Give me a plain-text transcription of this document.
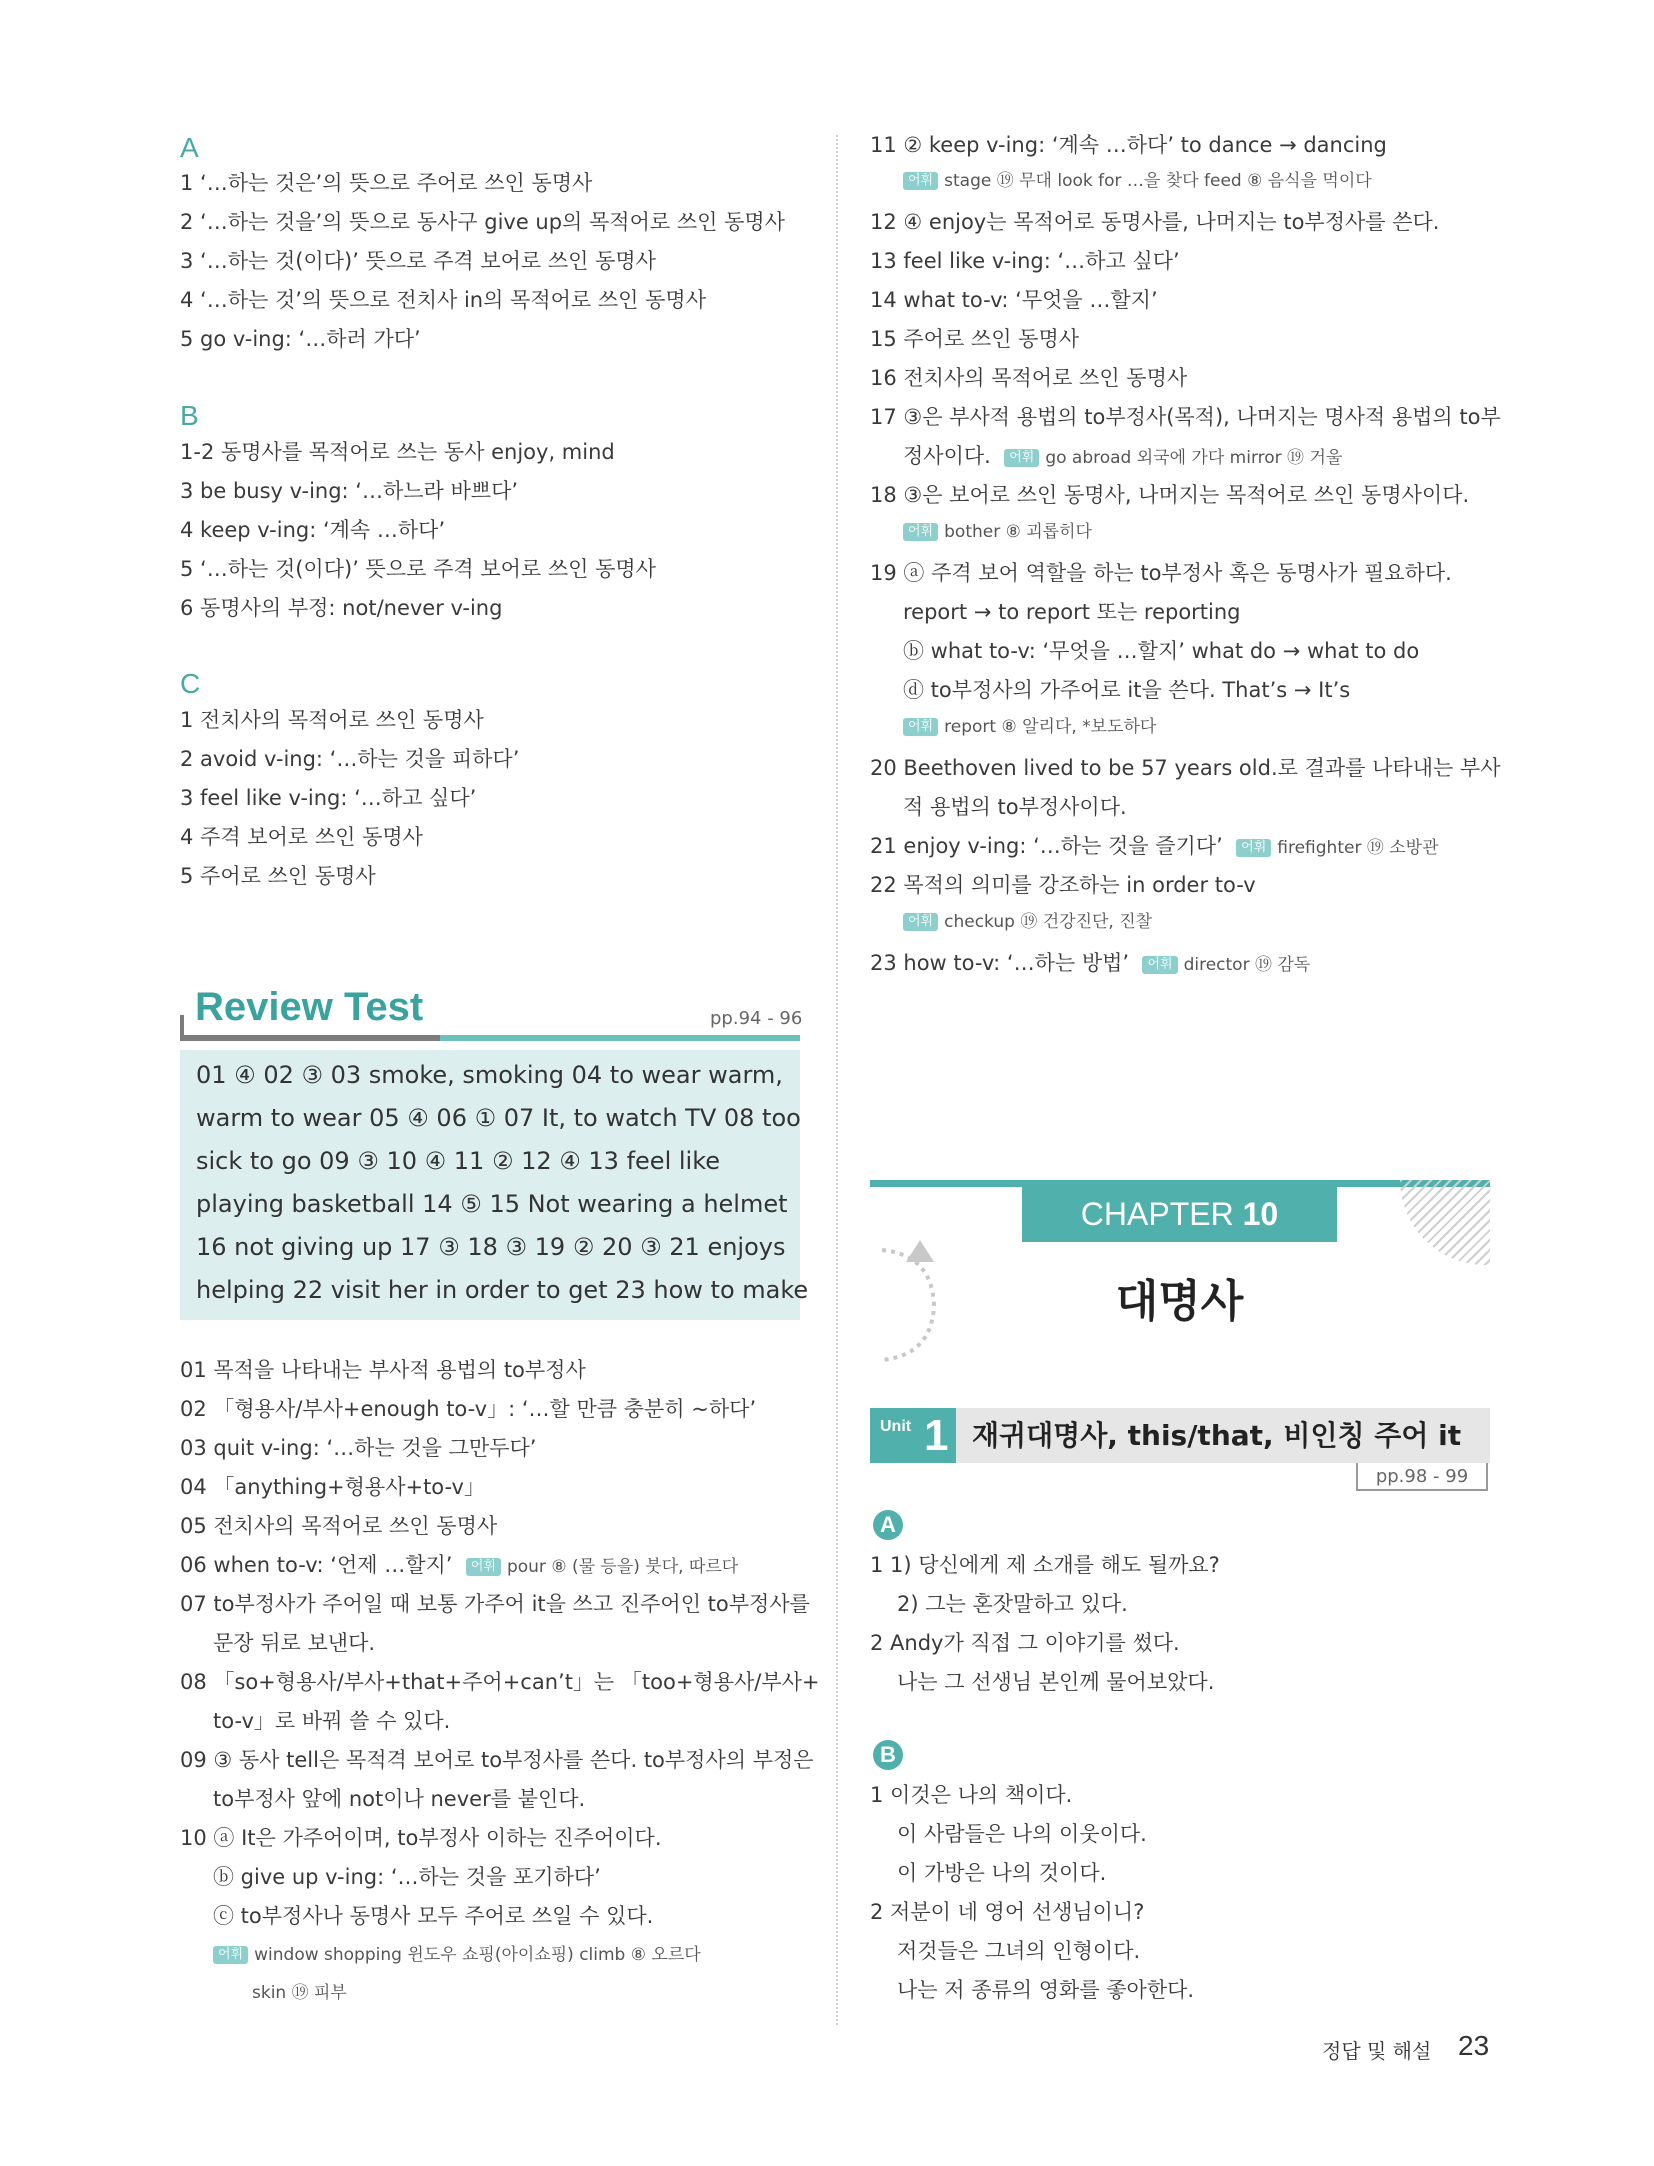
A
1 ‘…하는 것은’의 뜻으로 주어로 쓰인 동명사
2 ‘…하는 것을’의 뜻으로 동사구 give up의 목적어로 쓰인 동명사
3 ‘…하는 것(이다)’ 뜻으로 주격 보어로 쓰인 동명사
4 ‘…하는 것’의 뜻으로 전치사 in의 목적어로 쓰인 동명사
5 go v-ing: ‘…하러 가다’
B
1-2 동명사를 목적어로 쓰는 동사 enjoy, mind
3 be busy v-ing: ‘…하느라 바쁘다’
4 keep v-ing: ‘계속 …하다’
5 ‘…하는 것(이다)’ 뜻으로 주격 보어로 쓰인 동명사
6 동명사의 부정: not/never v-ing
C
1 전치사의 목적어로 쓰인 동명사
2 avoid v-ing: ‘…하는 것을 피하다’
3 feel like v-ing: ‘…하고 싶다’
4 주격 보어로 쓰인 동명사
5 주어로 쓰인 동명사
Review Test	pp.94 - 96
01 ④ 02 ③ 03 smoke, smoking 04 to wear warm,
warm to wear 05 ④ 06 ① 07 It, to watch TV 08 too
sick to go 09 ③ 10 ④ 11 ② 12 ④ 13 feel like
playing basketball 14 ⑤ 15 Not wearing a helmet
16 not giving up 17 ③ 18 ③ 19 ② 20 ③ 21 enjoys
helping 22 visit her in order to get 23 how to make
01 목적을 나타내는 부사적 용법의 to부정사
02 「형용사/부사+enough to-v」: ‘…할 만큼 충분히 ~하다’
03 quit v-ing: ‘…하는 것을 그만두다’
04 「anything+형용사+to-v」
05 전치사의 목적어로 쓰인 동명사
06 when to-v: ‘언제 …할지’ 어휘 pour ⑧ (물 등을) 붓다, 따르다
07 to부정사가 주어일 때 보통 가주어 it을 쓰고 진주어인 to부정사를
문장 뒤로 보낸다.
08 「so+형용사/부사+that+주어+can’t」는 「too+형용사/부사+
to-v」로 바꿔 쓸 수 있다.
09 ③ 동사 tell은 목적격 보어로 to부정사를 쓴다. to부정사의 부정은
to부정사 앞에 not이나 never를 붙인다.
10 ⓐ It은 가주어이며, to부정사 이하는 진주어이다.
ⓑ give up v-ing: ‘…하는 것을 포기하다’
ⓒ to부정사나 동명사 모두 주어로 쓰일 수 있다.
어휘 window shopping 윈도우 쇼핑(아이쇼핑) climb ⑧ 오르다
skin ⑲ 피부
11 ② keep v-ing: ‘계속 …하다’ to dance → dancing
어휘 stage ⑲ 무대 look for …을 찾다 feed ⑧ 음식을 먹이다
12 ④ enjoy는 목적어로 동명사를, 나머지는 to부정사를 쓴다.
13 feel like v-ing: ‘…하고 싶다’
14 what to-v: ‘무엇을 …할지’
15 주어로 쓰인 동명사
16 전치사의 목적어로 쓰인 동명사
17 ③은 부사적 용법의 to부정사(목적), 나머지는 명사적 용법의 to부
정사이다. 어휘 go abroad 외국에 가다 mirror ⑲ 거울
18 ③은 보어로 쓰인 동명사, 나머지는 목적어로 쓰인 동명사이다.
어휘 bother ⑧ 괴롭히다
19 ⓐ 주격 보어 역할을 하는 to부정사 혹은 동명사가 필요하다.
report → to report 또는 reporting
ⓑ what to-v: ‘무엇을 …할지’ what do → what to do
ⓓ to부정사의 가주어로 it을 쓴다. That’s → It’s
어휘 report ⑧ 알리다, *보도하다
20 Beethoven lived to be 57 years old.로 결과를 나타내는 부사
적 용법의 to부정사이다.
21 enjoy v-ing: ‘…하는 것을 즐기다’ 어휘 firefighter ⑲ 소방관
22 목적의 의미를 강조하는 in order to-v
어휘 checkup ⑲ 건강진단, 진찰
23 how to-v: ‘…하는 방법’ 어휘 director ⑲ 감독
CHAPTER 10
대명사
Unit 1 재귀대명사, this/that, 비인칭 주어 it
pp.98 - 99
A
1 1) 당신에게 제 소개를 해도 될까요?
2) 그는 혼잣말하고 있다.
2 Andy가 직접 그 이야기를 썼다.
나는 그 선생님 본인께 물어보았다.
B
1 이것은 나의 책이다.
이 사람들은 나의 이웃이다.
이 가방은 나의 것이다.
2 저분이 네 영어 선생님이니?
저것들은 그녀의 인형이다.
나는 저 종류의 영화를 좋아한다.
정답 및 해설 23
